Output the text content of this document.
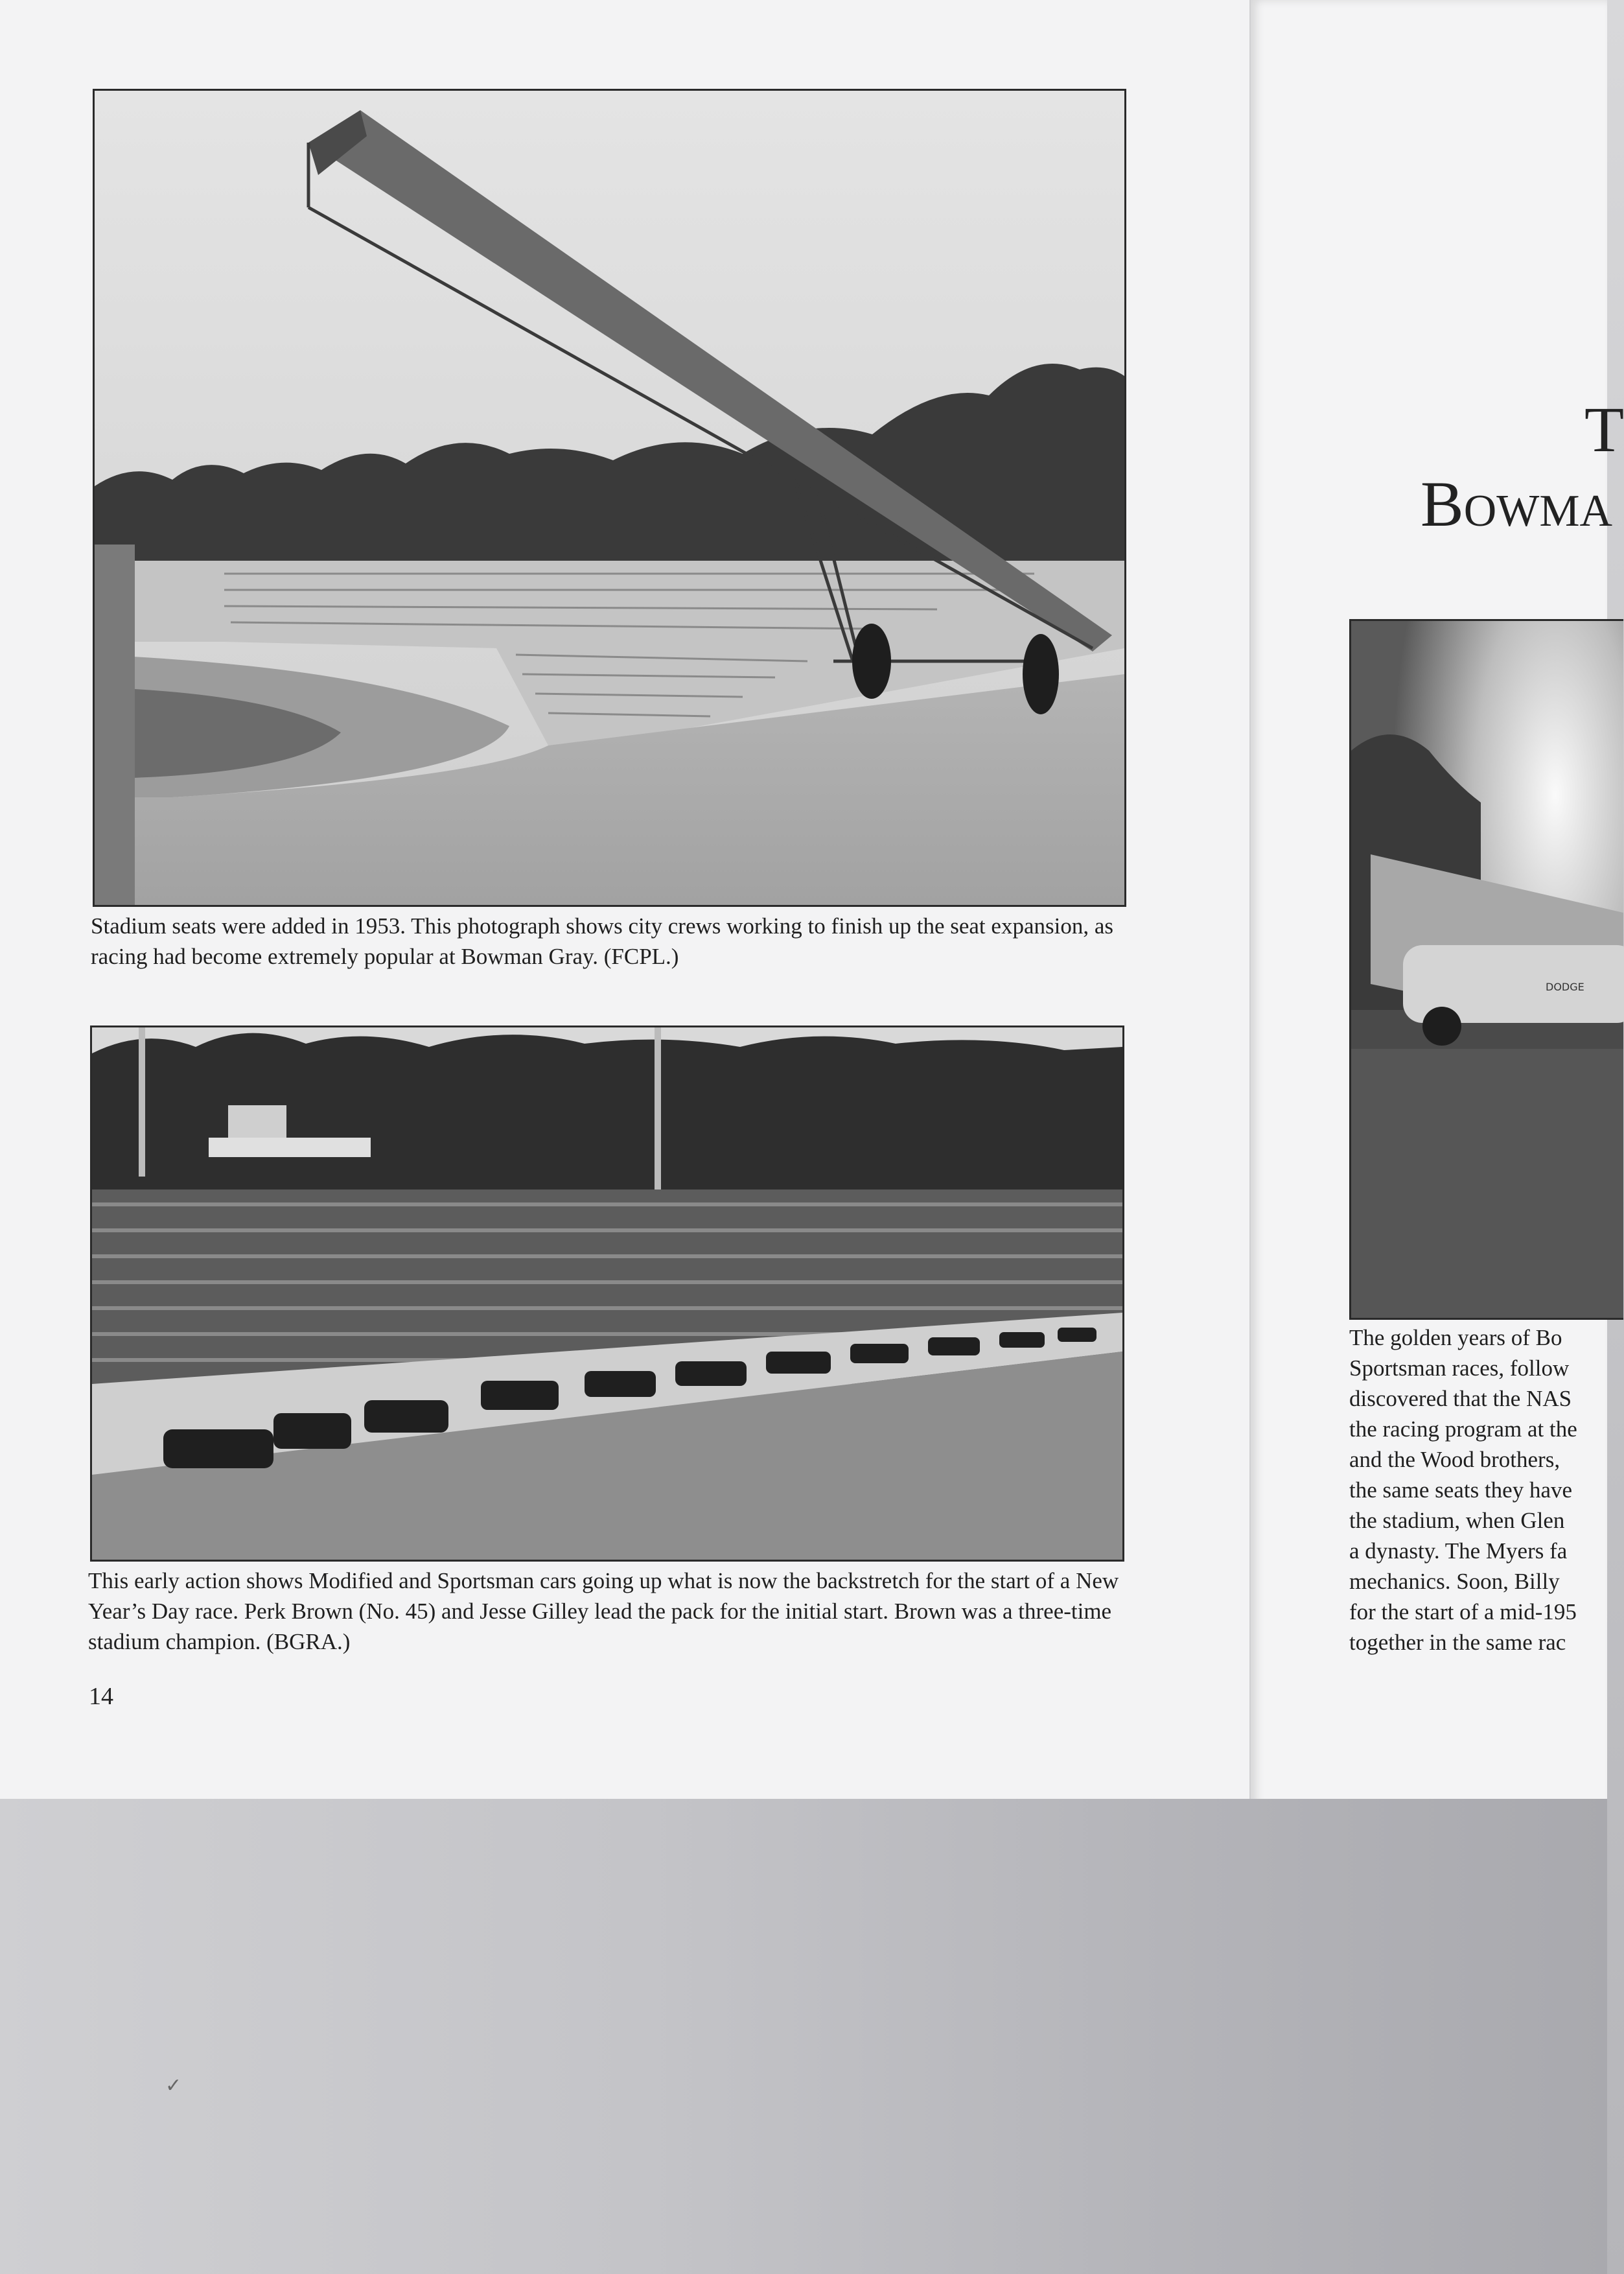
Stadium seats were added in 1953. This photograph shows city crews working to finish up the seat expansion, as racing had become extremely popular at Bowman Gray. (FCPL.)

This early action shows Modified and Sportsman cars going up what is now the backstretch for the start of a New Year’s Day race. Perk Brown (No. 45) and Jesse Gilley lead the pack for the initial start. Brown was a three-time stadium champion. (BGRA.)

14
DODGE
T
Bowma
The golden years of Bo
Sportsman races, follow
discovered that the NAS
the racing program at the
and the Wood brothers,
the same seats they have
the stadium, when Glen
a dynasty. The Myers fa
mechanics. Soon, Billy
for the start of a mid-195
together in the same rac
✓
